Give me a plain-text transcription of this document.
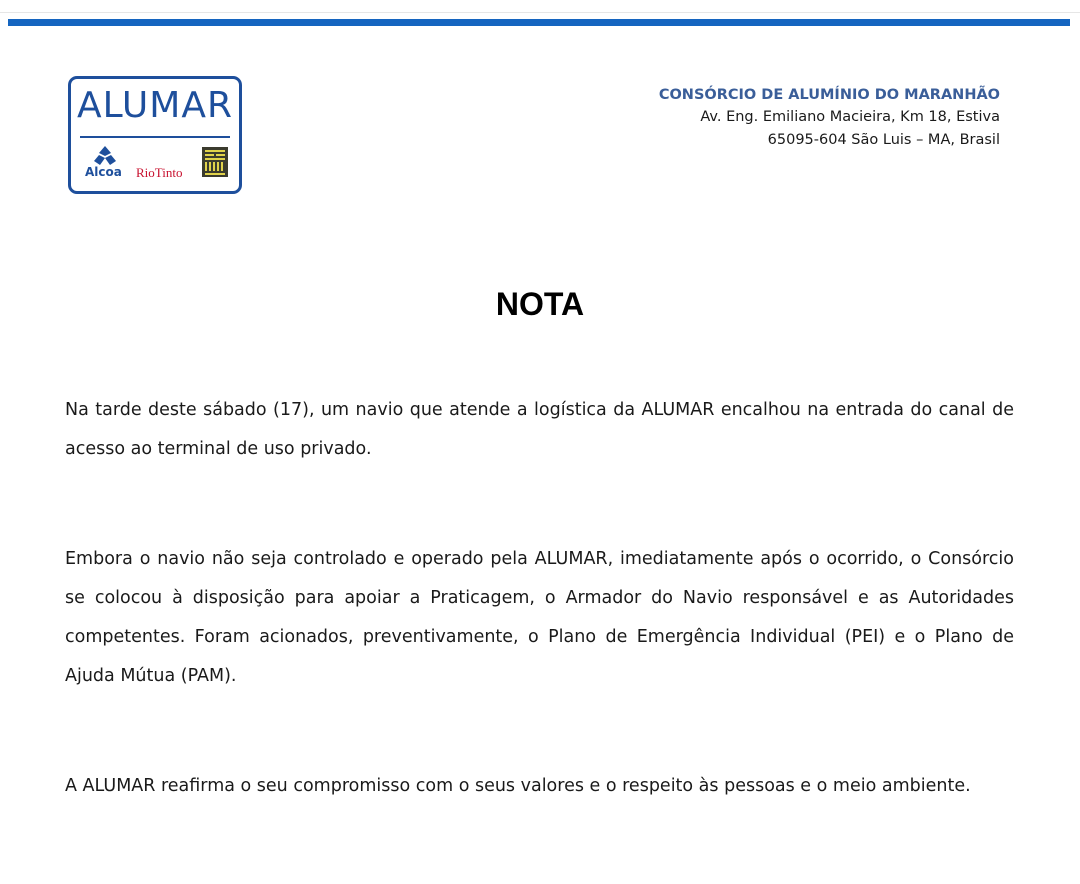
ALUMAR
Alcoa RioTinto
CONSÓRCIO DE ALUMÍNIO DO MARANHÃO
Av. Eng. Emiliano Macieira, Km 18, Estiva
65095-604 São Luis – MA, Brasil
NOTA

Na tarde deste sábado (17), um navio que atende a logística da ALUMAR encalhou na entrada do canal de acesso ao terminal de uso privado.

Embora o navio não seja controlado e operado pela ALUMAR, imediatamente após o ocorrido, o Consórcio se colocou à disposição para apoiar a Praticagem, o Armador do Navio responsável e as Autoridades competentes. Foram acionados, preventivamente, o Plano de Emergência Individual (PEI) e o Plano de Ajuda Mútua (PAM).

A ALUMAR reafirma o seu compromisso com o seus valores e o respeito às pessoas e o meio ambiente.
